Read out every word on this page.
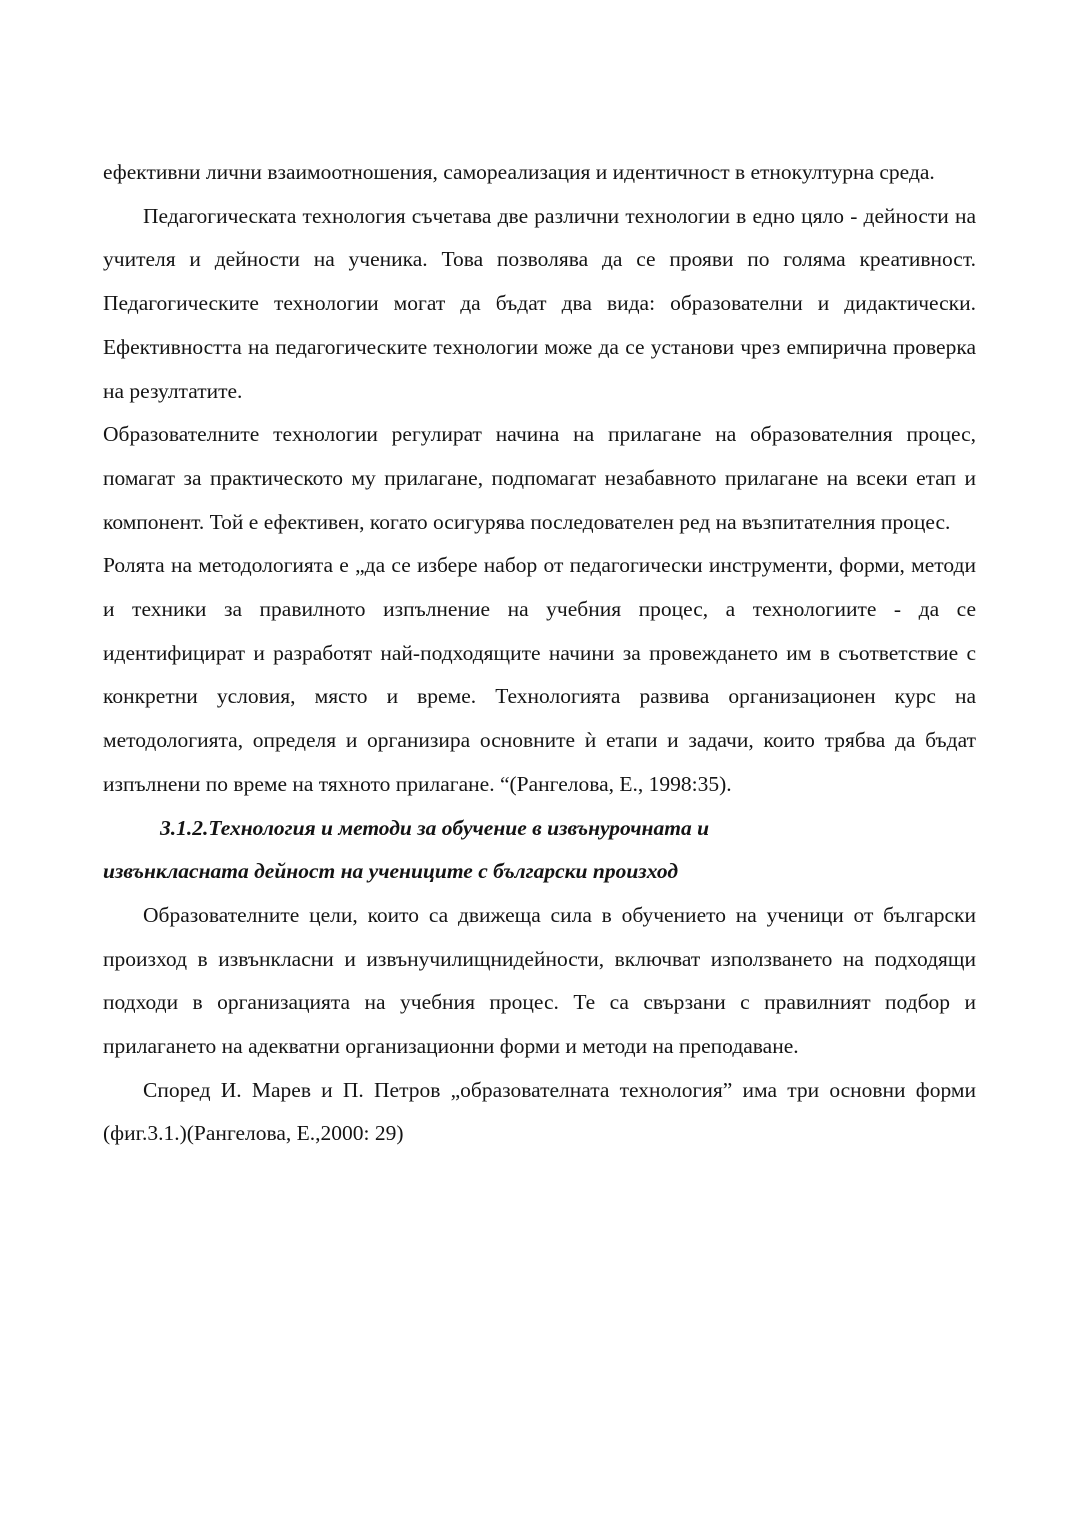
ефективни лични взаимоотношения, самореализация и идентичност в етнокултурна среда.

Педагогическата технология съчетава две различни технологии в едно цяло - дейности на учителя и дейности на ученика. Това позволява да се прояви по голяма креативност. Педагогическите технологии могат да бъдат два вида: образователни и дидактически. Ефективността на педагогическите технологии може да се установи чрез емпирична проверка на резултатите.

Образователните технологии регулират начина на прилагане на образователния процес, помагат за практическото му прилагане, подпомагат незабавното прилагане на всеки етап и компонент. Той е ефективен, когато осигурява последователен ред на възпитателния процес.

Ролята на методологията е „да се избере набор от педагогически инструменти, форми, методи и техники за правилното изпълнение на учебния процес, а технологиите - да се идентифицират и разработят най-подходящите начини за провеждането им в съответствие с конкретни условия, място и време. Технологията развива организационен курс на методологията, определя и организира основните ѝ етапи и задачи, които трябва да бъдат изпълнени по време на тяхното прилагане. “(Рангелова, Е., 1998:35).

3.1.2.Технология и методи за обучение в извънурочната и
извънкласната дейност на учениците с български произход

Образователните цели, които са движеща сила в обучението на ученици от български произход в извънкласни и извънучилищнидейности, включват използването на подходящи подходи в организацията на учебния процес. Те са свързани с правилният подбор и прилагането на адекватни организационни форми и методи на преподаване.

Според И. Марев и П. Петров „образователната технология” има три основни форми (фиг.3.1.)(Рангелова, Е.,2000: 29)
